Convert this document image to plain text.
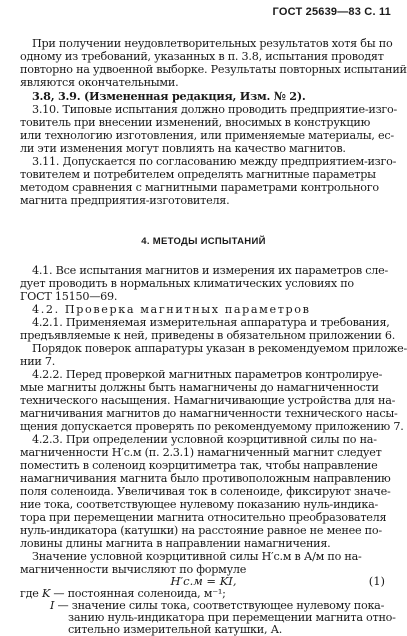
ГОСТ 25639—83 С. 11
При получении неудовлетворительных результатов хотя бы по
одному из требований, указанных в п. 3.8, испытания проводят
повторно на удвоенной выборке. Результаты повторных испытаний
являются окончательными.
3.8, 3.9. (Измененная редакция, Изм. № 2).
3.10. Типовые испытания должно проводить предприятие-изго-
товитель при внесении изменений, вносимых в конструкцию
или технологию изготовления, или применяемые материалы, ес-
ли эти изменения могут повлиять на качество магнитов.
3.11. Допускается по согласованию между предприятием-изго-
товителем и потребителем определять магнитные параметры
методом сравнения с магнитными параметрами контрольного
магнита предприятия-изготовителя.
4. МЕТОДЫ ИСПЫТАНИЙ
4.1. Все испытания магнитов и измерения их параметров сле-
дует проводить в нормальных климатических условиях по
ГОСТ 15150—69.
4.2. Проверка магнитных параметров
4.2.1. Применяемая измерительная аппаратура и требования,
предъявляемые к ней, приведены в обязательном приложении 6.
Порядок поверок аппаратуры указан в рекомендуемом приложе-
нии 7.
4.2.2. Перед проверкой магнитных параметров контролируе-
мые магниты должны быть намагничены до намагниченности
технического насыщения. Намагничивающие устройства для на-
магничивания магнитов до намагниченности технического насы-
щения допускается проверять по рекомендуемому приложению 7.
4.2.3. При определении условной коэрцитивной силы по на-
магниченности H′c.м (п. 2.3.1) намагниченный магнит следует
поместить в соленоид коэрцитиметра так, чтобы направление
намагничивания магнита было противоположным направлению
поля соленоида. Увеличивая ток в соленоиде, фиксируют значе-
ние тока, соответствующее нулевому показанию нуль-индика-
тора при перемещении магнита относительно преобразователя
нуль-индикатора (катушки) на расстояние равное не менее по-
ловины длины магнита в направлении намагничения.
Значение условной коэрцитивной силы H′c.м в А/м по на-
магниченности вычисляют по формуле
H′c.м = KI,	(1)
где K — постоянная соленоида, м⁻¹;
I — значение силы тока, соответствующее нулевому пока-
занию нуль-индикатора при перемещении магнита отно-
сительно измерительной катушки, А.
